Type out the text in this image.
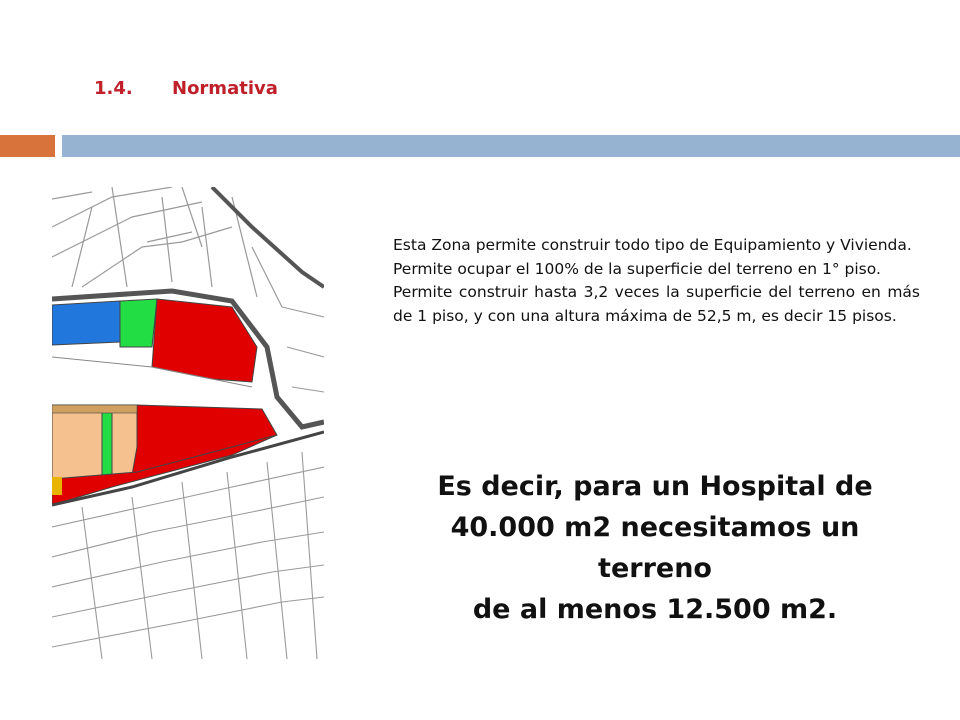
1.4. Normativa

Esta Zona permite construir todo tipo de Equipamiento y Vivienda.

Permite ocupar el 100% de la superficie del terreno en 1° piso.

Permite construir hasta 3,2 veces la superficie del terreno en más de 1 piso, y con una altura máxima de 52,5 m, es decir 15 pisos.

Es decir, para un Hospital de
40.000 m2 necesitamos un
terreno
de al menos 12.500 m2.
